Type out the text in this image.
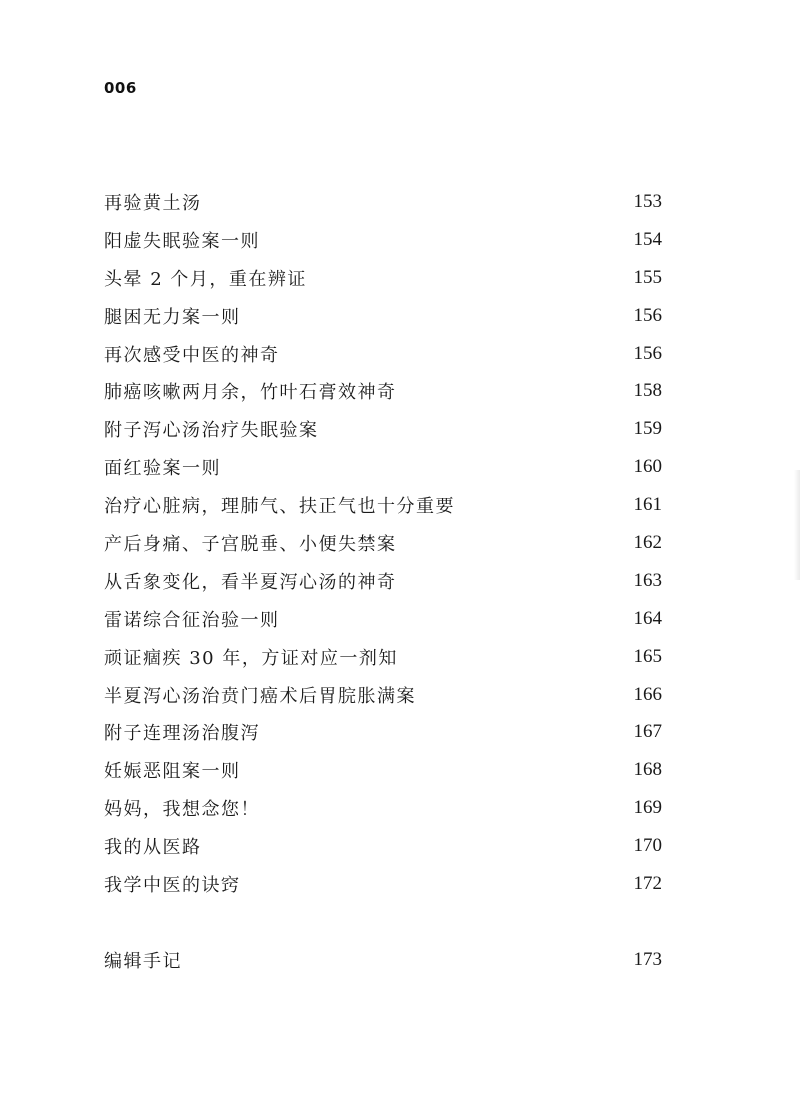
006
再验黄土汤	153
阳虚失眠验案一则	154
头晕 2 个月，重在辨证	155
腿困无力案一则	156
再次感受中医的神奇	156
肺癌咳嗽两月余，竹叶石膏效神奇	158
附子泻心汤治疗失眠验案	159
面红验案一则	160
治疗心脏病，理肺气、扶正气也十分重要	161
产后身痛、子宫脱垂、小便失禁案	162
从舌象变化，看半夏泻心汤的神奇	163
雷诺综合征治验一则	164
顽证痼疾 30 年，方证对应一剂知	165
半夏泻心汤治贲门癌术后胃脘胀满案	166
附子连理汤治腹泻	167
妊娠恶阻案一则	168
妈妈，我想念您！	169
我的从医路	170
我学中医的诀窍	172
编辑手记	173
